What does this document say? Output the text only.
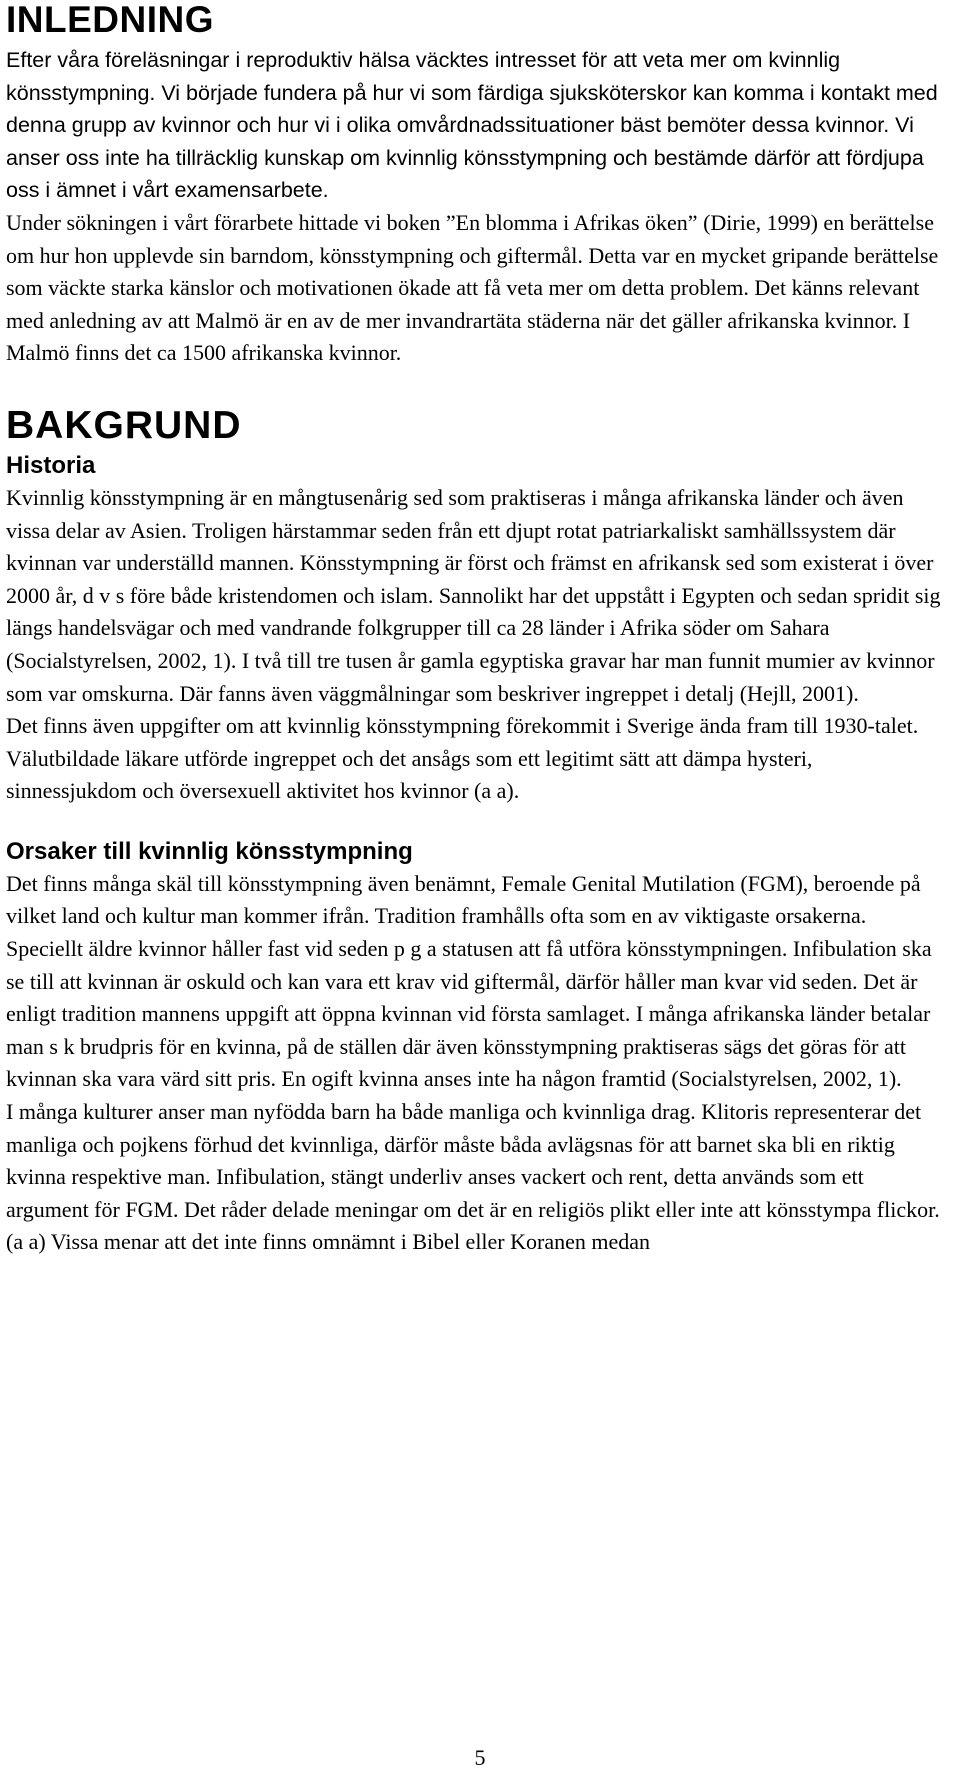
INLEDNING

Efter våra föreläsningar i reproduktiv hälsa väcktes intresset för att veta mer om kvinnlig könsstympning. Vi började fundera på hur vi som färdiga sjuksköterskor kan komma i kontakt med denna grupp av kvinnor och hur vi i olika omvårdnadssituationer bäst bemöter dessa kvinnor. Vi anser oss inte ha tillräcklig kunskap om kvinnlig könsstympning och bestämde därför att fördjupa oss i ämnet i vårt examensarbete.

Under sökningen i vårt förarbete hittade vi boken ”En blomma i Afrikas öken” (Dirie, 1999) en berättelse om hur hon upplevde sin barndom, könsstympning och giftermål. Detta var en mycket gripande berättelse som väckte starka känslor och motivationen ökade att få veta mer om detta problem. Det känns relevant med anledning av att Malmö är en av de mer invandrartäta städerna när det gäller afrikanska kvinnor. I Malmö finns det ca 1500 afrikanska kvinnor.

BAKGRUND
Historia

Kvinnlig könsstympning är en mångtusenårig sed som praktiseras i många afrikanska länder och även vissa delar av Asien. Troligen härstammar seden från ett djupt rotat patriarkaliskt samhällssystem där kvinnan var underställd mannen. Könsstympning är först och främst en afrikansk sed som existerat i över 2000 år, d v s före både kristendomen och islam. Sannolikt har det uppstått i Egypten och sedan spridit sig längs handelsvägar och med vandrande folkgrupper till ca 28 länder i Afrika söder om Sahara (Socialstyrelsen, 2002, 1). I två till tre tusen år gamla egyptiska gravar har man funnit mumier av kvinnor som var omskurna. Där fanns även väggmålningar som beskriver ingreppet i detalj (Hejll, 2001).

Det finns även uppgifter om att kvinnlig könsstympning förekommit i Sverige ända fram till 1930-talet. Välutbildade läkare utförde ingreppet och det ansågs som ett legitimt sätt att dämpa hysteri, sinnessjukdom och översexuell aktivitet hos kvinnor (a a).

Orsaker till kvinnlig könsstympning

Det finns många skäl till könsstympning även benämnt, Female Genital Mutilation (FGM), beroende på vilket land och kultur man kommer ifrån. Tradition framhålls ofta som en av viktigaste orsakerna. Speciellt äldre kvinnor håller fast vid seden p g a statusen att få utföra könsstympningen. Infibulation ska se till att kvinnan är oskuld och kan vara ett krav vid giftermål, därför håller man kvar vid seden. Det är enligt tradition mannens uppgift att öppna kvinnan vid första samlaget. I många afrikanska länder betalar man s k brudpris för en kvinna, på de ställen där även könsstympning praktiseras sägs det göras för att kvinnan ska vara värd sitt pris. En ogift kvinna anses inte ha någon framtid (Socialstyrelsen, 2002, 1).

I många kulturer anser man nyfödda barn ha både manliga och kvinnliga drag. Klitoris representerar det manliga och pojkens förhud det kvinnliga, därför måste båda avlägsnas för att barnet ska bli en riktig kvinna respektive man. Infibulation, stängt underliv anses vackert och rent, detta används som ett argument för FGM. Det råder delade meningar om det är en religiös plikt eller inte att könsstympa flickor. (a a) Vissa menar att det inte finns omnämnt i Bibel eller Koranen medan

5
